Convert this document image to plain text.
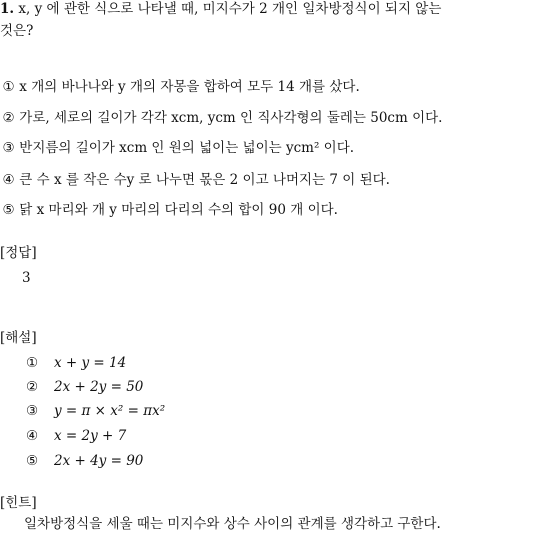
1. x, y 에 관한 식으로 나타낼 때, 미지수가 2 개인 일차방정식이 되지 않는
것은?
① x 개의 바나나와 y 개의 자몽을 합하여 모두 14 개를 샀다.
② 가로, 세로의 길이가 각각 xcm, ycm 인 직사각형의 둘레는 50cm 이다.
③ 반지름의 길이가 xcm 인 원의 넓이는 넓이는 ycm² 이다.
④ 큰 수 x 를 작은 수y 로 나누면 몫은 2 이고 나머지는 7 이 된다.
⑤ 닭 x 마리와 개 y 마리의 다리의 수의 합이 90 개 이다.
[정답]
3
[해설]
① x + y = 14
② 2x + 2y = 50
③ y = π × x² = πx²
④ x = 2y + 7
⑤ 2x + 4y = 90
[힌트]
일차방정식을 세울 때는 미지수와 상수 사이의 관계를 생각하고 구한다.
